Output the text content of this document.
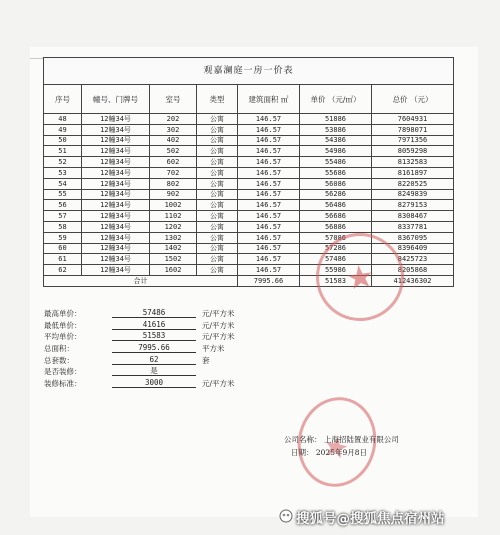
观嘉澜庭一房一价表						
序号	幢号、门牌号	室号	类型	建筑面积 ㎡	单价 （元/㎡）	总价 （元）
48	12幢34号	202	公寓	146.57	51886	7604931
49	12幢34号	302	公寓	146.57	53886	7898071
50	12幢34号	402	公寓	146.57	54386	7971356
51	12幢34号	502	公寓	146.57	54986	8059298
52	12幢34号	602	公寓	146.57	55486	8132583
53	12幢34号	702	公寓	146.57	55686	8161897
54	12幢34号	802	公寓	146.57	56086	8220525
55	12幢34号	902	公寓	146.57	56286	8249839
56	12幢34号	1002	公寓	146.57	56486	8279153
57	12幢34号	1102	公寓	146.57	56686	8308467
58	12幢34号	1202	公寓	146.57	56886	8337781
59	12幢34号	1302	公寓	146.57	57086	8367095
60	12幢34号	1402	公寓	146.57	57286	8396409
61	12幢34号	1502	公寓	146.57	57486	8425723
62	12幢34号	1602	公寓	146.57	55986	8205868
合计				7995.66	51583	412436302
最高单价：	57486	元/平方米
最低单价：	41616	元/平方米
平均单价：	51583	元/平方米
总面积：	7995.66	平方米
总套数：	62	套
是否装修：	是
装修标准：	3000	元/平方米
公司名称： 上海招陆置业有限公司
日期： 2025年9月8日
搜狐号@搜狐焦点宿州站
